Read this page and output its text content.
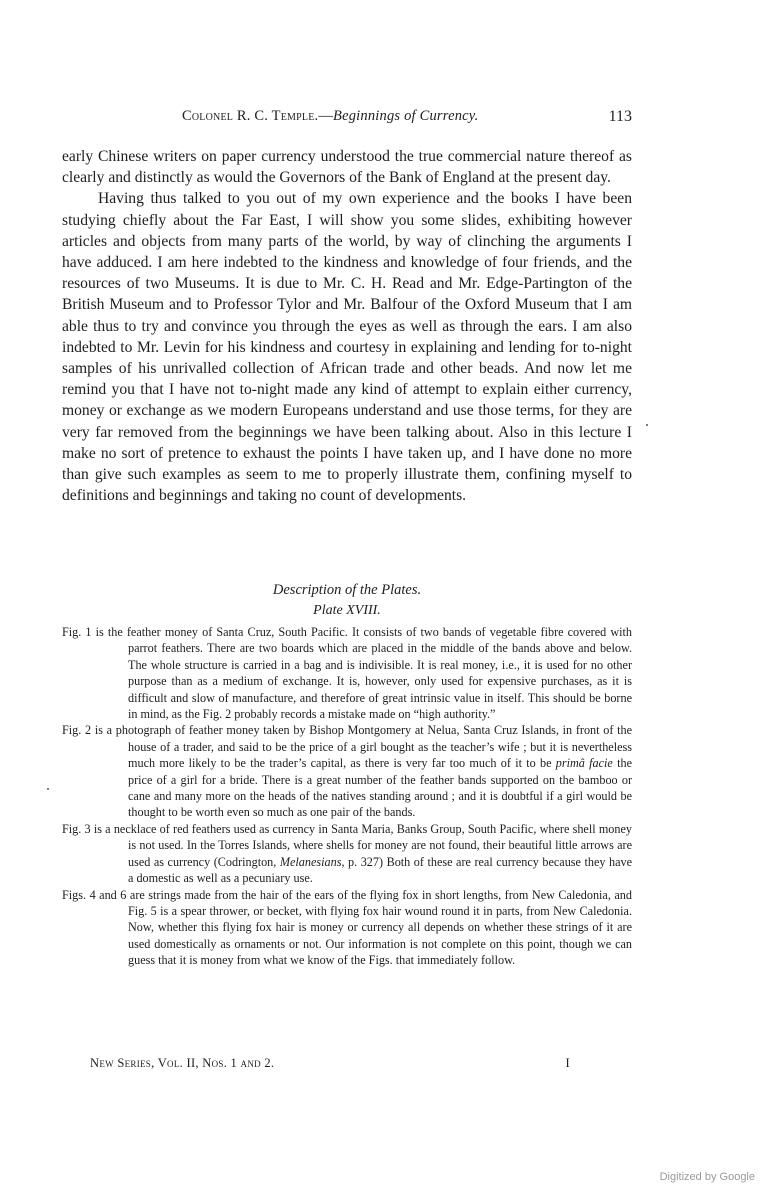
Colonel R. C. Temple.—Beginnings of Currency.	113

early Chinese writers on paper currency understood the true commercial nature thereof as clearly and distinctly as would the Governors of the Bank of England at the present day.

Having thus talked to you out of my own experience and the books I have been studying chiefly about the Far East, I will show you some slides, exhibiting however articles and objects from many parts of the world, by way of clinching the arguments I have adduced. I am here indebted to the kindness and knowledge of four friends, and the resources of two Museums. It is due to Mr. C. H. Read and Mr. Edge-Partington of the British Museum and to Professor Tylor and Mr. Balfour of the Oxford Museum that I am able thus to try and convince you through the eyes as well as through the ears. I am also indebted to Mr. Levin for his kindness and courtesy in explaining and lending for to-night samples of his unrivalled collection of African trade and other beads. And now let me remind you that I have not to-night made any kind of attempt to explain either currency, money or exchange as we modern Europeans understand and use those terms, for they are very far removed from the beginnings we have been talking about. Also in this lecture I make no sort of pretence to exhaust the points I have taken up, and I have done no more than give such examples as seem to me to properly illustrate them, confining myself to definitions and beginnings and taking no count of developments.

Description of the Plates.
Plate XVIII.

Fig. 1 is the feather money of Santa Cruz, South Pacific. It consists of two bands of vegetable fibre covered with parrot feathers. There are two boards which are placed in the middle of the bands above and below. The whole structure is carried in a bag and is indivisible. It is real money, i.e., it is used for no other purpose than as a medium of exchange. It is, however, only used for expensive purchases, as it is difficult and slow of manufacture, and therefore of great intrinsic value in itself. This should be borne in mind, as the Fig. 2 probably records a mistake made on “high authority.”

Fig. 2 is a photograph of feather money taken by Bishop Montgomery at Nelua, Santa Cruz Islands, in front of the house of a trader, and said to be the price of a girl bought as the teacher’s wife ; but it is nevertheless much more likely to be the trader’s capital, as there is very far too much of it to be primâ facie the price of a girl for a bride. There is a great number of the feather bands supported on the bamboo or cane and many more on the heads of the natives standing around ; and it is doubtful if a girl would be thought to be worth even so much as one pair of the bands.

Fig. 3 is a necklace of red feathers used as currency in Santa Maria, Banks Group, South Pacific, where shell money is not used. In the Torres Islands, where shells for money are not found, their beautiful little arrows are used as currency (Codrington, Melanesians, p. 327) Both of these are real currency because they have a domestic as well as a pecuniary use.

Figs. 4 and 6 are strings made from the hair of the ears of the flying fox in short lengths, from New Caledonia, and Fig. 5 is a spear thrower, or becket, with flying fox hair wound round it in parts, from New Caledonia. Now, whether this flying fox hair is money or currency all depends on whether these strings of it are used domestically as ornaments or not. Our information is not complete on this point, though we can guess that it is money from what we know of the Figs. that immediately follow.

New Series, Vol. II, Nos. 1 and 2.	I
Digitized by Google
